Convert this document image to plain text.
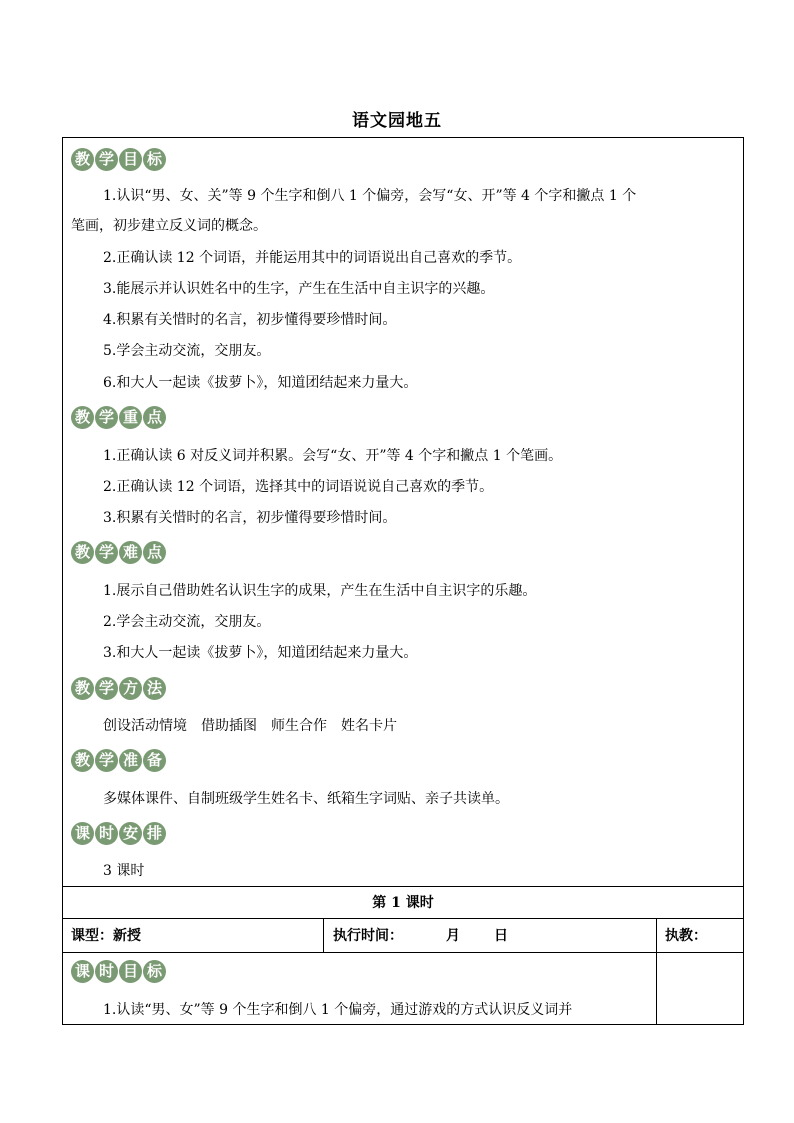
语文园地五
教 学 目 标
1.认识“男、女、关”等 9 个生字和倒八 1 个偏旁，会写“女、开”等 4 个字和撇点 1 个
笔画，初步建立反义词的概念。
2.正确认读 12 个词语，并能运用其中的词语说出自己喜欢的季节。
3.能展示并认识姓名中的生字，产生在生活中自主识字的兴趣。
4.积累有关惜时的名言，初步懂得要珍惜时间。
5.学会主动交流，交朋友。
6.和大人一起读《拔萝卜》，知道团结起来力量大。
教 学 重 点
1.正确认读 6 对反义词并积累。会写“女、开”等 4 个字和撇点 1 个笔画。
2.正确认读 12 个词语，选择其中的词语说说自己喜欢的季节。
3.积累有关惜时的名言，初步懂得要珍惜时间。
教 学 难 点
1.展示自己借助姓名认识生字的成果，产生在生活中自主识字的乐趣。
2.学会主动交流，交朋友。
3.和大人一起读《拔萝卜》，知道团结起来力量大。
教 学 方 法
创设活动情境　借助插图　师生合作　姓名卡片
教 学 准 备
多媒体课件、自制班级学生姓名卡、纸箱生字词贴、亲子共读单。
课 时 安 排
3 课时
第 1 课时
课型：新授	执行时间：	月 日	执教：
课 时 目 标
1.认读“男、女”等 9 个生字和倒八 1 个偏旁，通过游戏的方式认识反义词并
